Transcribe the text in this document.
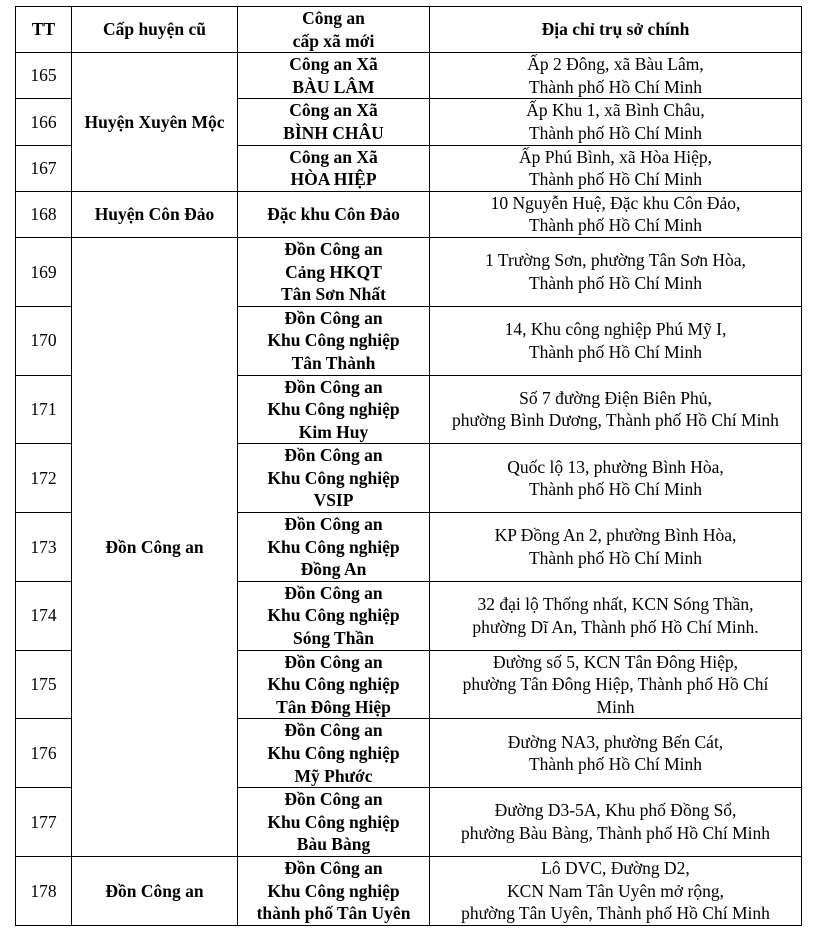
TT	Cấp huyện cũ	Công an
cấp xã mới	Địa chỉ trụ sở chính
165	Huyện Xuyên Mộc	Công an Xã
BÀU LÂM	Ấp 2 Đông, xã Bàu Lâm,
Thành phố Hồ Chí Minh

166		Công an Xã
BÌNH CHÂU	Ấp Khu 1, xã Bình Châu,
Thành phố Hồ Chí Minh

167		Công an Xã
HÒA HIỆP	Ấp Phú Bình, xã Hòa Hiệp,
Thành phố Hồ Chí Minh

168	Huyện Côn Đảo	Đặc khu Côn Đảo	10 Nguyễn Huệ, Đặc khu Côn Đảo,
Thành phố Hồ Chí Minh

169	Đồn Công an	Đồn Công an
Cảng HKQT
Tân Sơn Nhất	1 Trường Sơn, phường Tân Sơn Hòa,
Thành phố Hồ Chí Minh

170		Đồn Công an
Khu Công nghiệp
Tân Thành	14, Khu công nghiệp Phú Mỹ I,
Thành phố Hồ Chí Minh

171		Đồn Công an
Khu Công nghiệp
Kim Huy	Số 7 đường Điện Biên Phủ,
phường Bình Dương, Thành phố Hồ Chí Minh

172		Đồn Công an
Khu Công nghiệp
VSIP	Quốc lộ 13, phường Bình Hòa,
Thành phố Hồ Chí Minh

173		Đồn Công an
Khu Công nghiệp
Đồng An	KP Đồng An 2, phường Bình Hòa,
Thành phố Hồ Chí Minh

174		Đồn Công an
Khu Công nghiệp
Sóng Thần	32 đại lộ Thống nhất, KCN Sóng Thần,
phường Dĩ An, Thành phố Hồ Chí Minh.

175		Đồn Công an
Khu Công nghiệp
Tân Đông Hiệp	Đường số 5, KCN Tân Đông Hiệp,
phường Tân Đông Hiệp, Thành phố Hồ Chí
Minh

176		Đồn Công an
Khu Công nghiệp
Mỹ Phước	Đường NA3, phường Bến Cát,
Thành phố Hồ Chí Minh

177		Đồn Công an
Khu Công nghiệp
Bàu Bàng	Đường D3-5A, Khu phố Đồng Sổ,
phường Bàu Bàng, Thành phố Hồ Chí Minh

178	Đồn Công an	Đồn Công an
Khu Công nghiệp
thành phố Tân Uyên	Lô DVC, Đường D2,
KCN Nam Tân Uyên mở rộng,
phường Tân Uyên, Thành phố Hồ Chí Minh
